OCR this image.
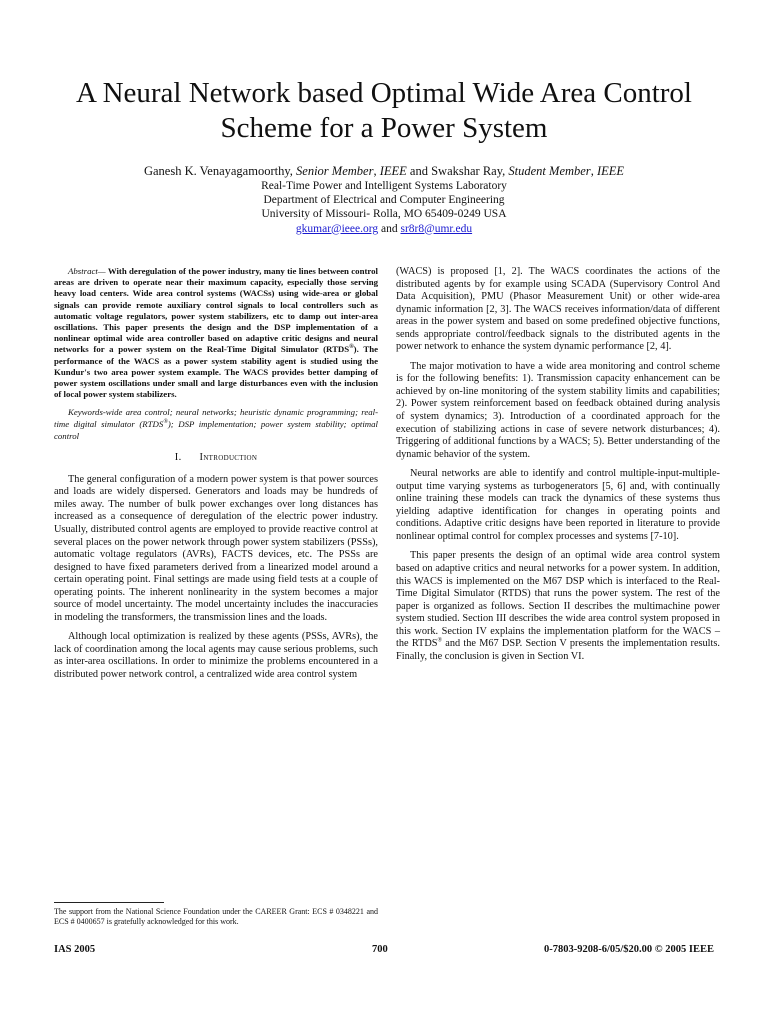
A Neural Network based Optimal Wide Area Control
Scheme for a Power System
Ganesh K. Venayagamoorthy, Senior Member, IEEE and Swakshar Ray, Student Member, IEEE
Real-Time Power and Intelligent Systems Laboratory
Department of Electrical and Computer Engineering
University of Missouri- Rolla, MO 65409-0249 USA
gkumar@ieee.org and sr8r8@umr.edu

Abstract— With deregulation of the power industry, many tie lines between control areas are driven to operate near their maximum capacity, especially those serving heavy load centers. Wide area control systems (WACSs) using wide-area or global signals can provide remote auxiliary control signals to local controllers such as automatic voltage regulators, power system stabilizers, etc to damp out inter-area oscillations. This paper presents the design and the DSP implementation of a nonlinear optimal wide area controller based on adaptive critic designs and neural networks for a power system on the Real-Time Digital Simulator (RTDS®). The performance of the WACS as a power system stability agent is studied using the Kundur's two area power system example. The WACS provides better damping of power system oscillations under small and large disturbances even with the inclusion of local power system stabilizers.

Keywords-wide area control; neural networks; heuristic dynamic programming; real-time digital simulator (RTDS®); DSP implementation; power system stability; optimal control

I. Introduction

The general configuration of a modern power system is that power sources and loads are widely dispersed. Generators and loads may be hundreds of miles away. The number of bulk power exchanges over long distances has increased as a consequence of deregulation of the electric power industry. Usually, distributed control agents are employed to provide reactive control at several places on the power network through power system stabilizers (PSSs), automatic voltage regulators (AVRs), FACTS devices, etc. The PSSs are designed to have fixed parameters derived from a linearized model around a certain operating point. Final settings are made using field tests at a couple of operating points. The inherent nonlinearity in the system becomes a major source of model uncertainty. The model uncertainty includes the inaccuracies in modeling the transformers, the transmission lines and the loads.

Although local optimization is realized by these agents (PSSs, AVRs), the lack of coordination among the local agents may cause serious problems, such as inter-area oscillations. In order to minimize the problems encountered in a distributed power network control, a centralized wide area control system

(WACS) is proposed [1, 2]. The WACS coordinates the actions of the distributed agents by for example using SCADA (Supervisory Control And Data Acquisition), PMU (Phasor Measurement Unit) or other wide-area dynamic information [2, 3]. The WACS receives information/data of different areas in the power system and based on some predefined objective functions, sends appropriate control/feedback signals to the distributed agents in the power network to enhance the system dynamic performance [2, 4].

The major motivation to have a wide area monitoring and control scheme is for the following benefits: 1). Transmission capacity enhancement can be achieved by on-line monitoring of the system stability limits and capabilities; 2). Power system reinforcement based on feedback obtained during analysis of system dynamics; 3). Introduction of a coordinated approach for the execution of stabilizing actions in case of severe network disturbances; 4). Triggering of additional functions by a WACS; 5). Better understanding of the dynamic behavior of the system.

Neural networks are able to identify and control multiple-input-multiple-output time varying systems as turbogenerators [5, 6] and, with continually online training these models can track the dynamics of these systems thus yielding adaptive identification for changes in operating points and conditions. Adaptive critic designs have been reported in literature to provide nonlinear optimal control for complex processes and systems [7-10].

This paper presents the design of an optimal wide area control system based on adaptive critics and neural networks for a power system. In addition, this WACS is implemented on the M67 DSP which is interfaced to the Real-Time Digital Simulator (RTDS) that runs the power system. The rest of the paper is organized as follows. Section II describes the multimachine power system studied. Section III describes the wide area control system proposed in this work. Section IV explains the implementation platform for the WACS – the RTDS® and the M67 DSP. Section V presents the implementation results. Finally, the conclusion is given in Section VI.

The support from the National Science Foundation under the CAREER Grant: ECS # 0348221 and ECS # 0400657 is gratefully acknowledged for this work.
IAS 2005	700	0-7803-9208-6/05/$20.00 © 2005 IEEE
